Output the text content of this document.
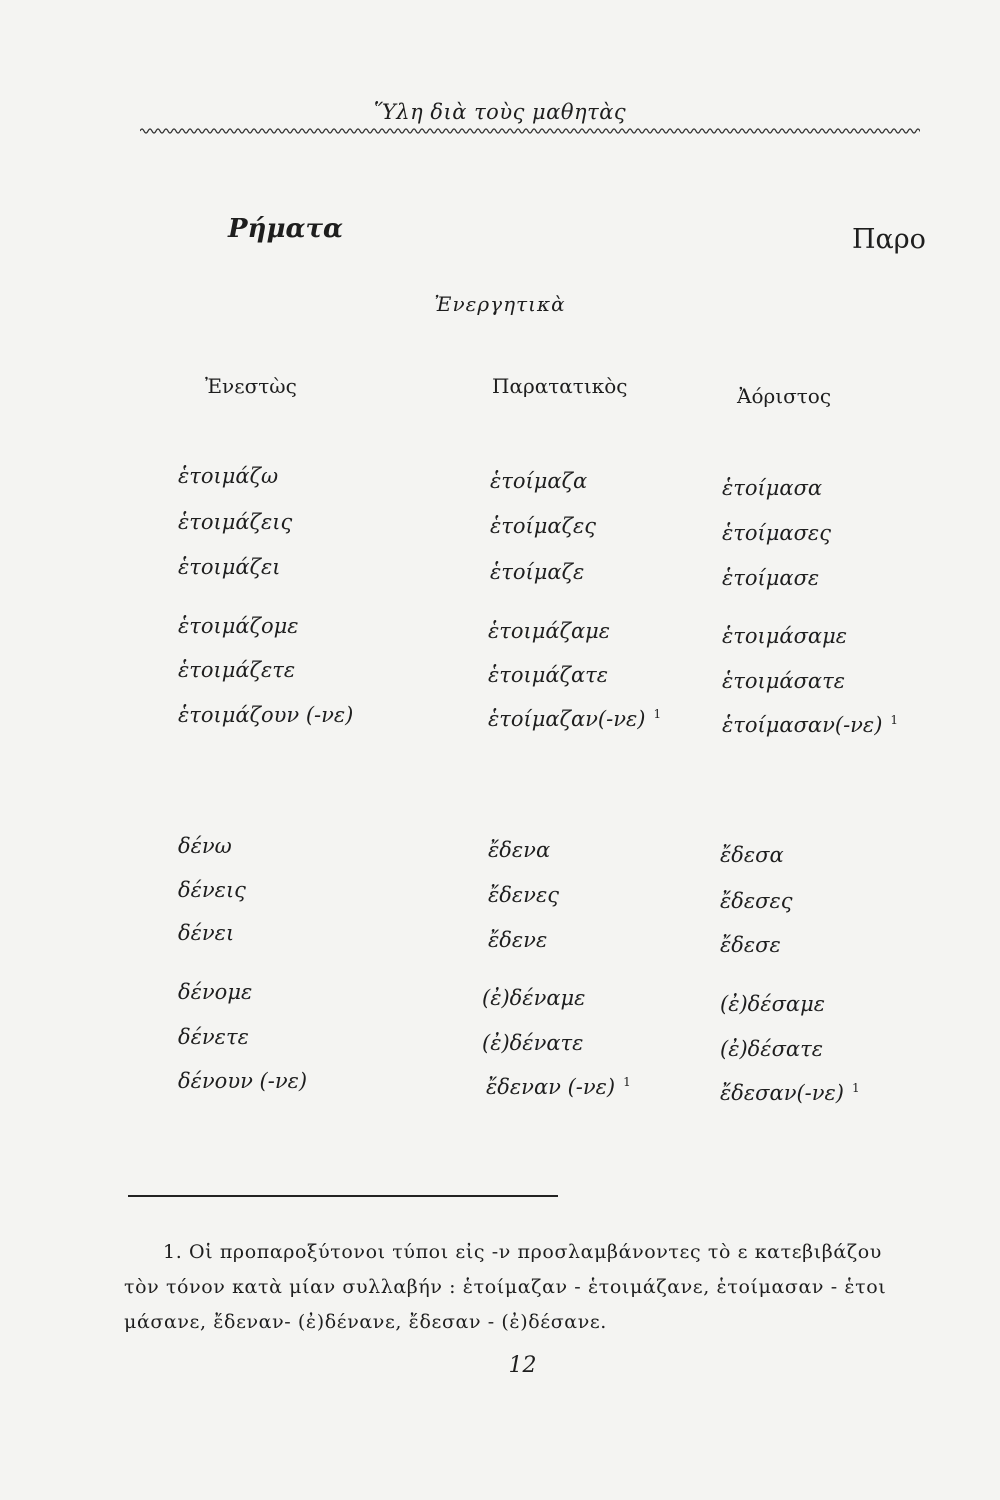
Ὕλη διὰ τοὺς μαθητὰς
Ρήματα	Παρο
Ἐνεργητικὰ
Ἐνεστὼς	Παρατατικὸς	Ἀόριστος
ἑτοιμάζω	ἑτοίμαζα	ἑτοίμασα
ἑτοιμάζεις	ἑτοίμαζες	ἑτοίμασες
ἑτοιμάζει	ἑτοίμαζε	ἑτοίμασε
ἑτοιμάζομε	ἑτοιμάζαμε	ἑτοιμάσαμε
ἑτοιμάζετε	ἑτοιμάζατε	ἑτοιμάσατε
ἑτοιμάζουν (-νε)	ἑτοίμαζαν(-νε) $^1$	ἑτοίμασαν(-νε) $^1$
δένω	ἔδενα	ἔδεσα
δένεις	ἔδενες	ἔδεσες
δένει	ἔδενε	ἔδεσε
δένομε	(ἐ)δέναμε	(ἐ)δέσαμε
δένετε	(ἐ)δένατε	(ἐ)δέσατε
δένουν (-νε)	ἔδεναν (-νε) $^1$	ἔδεσαν(-νε) $^1$
1. Οἱ προπαροξύτονοι τύποι εἰς -ν προσλαμβάνοντες τὸ ε κατεβιβάζου
τὸν τόνον κατὰ μίαν συλλαβήν : ἑτοίμαζαν - ἑτοιμάζανε, ἑτοίμασαν - ἑτοι
μάσανε, ἔδεναν- (ἐ)δένανε, ἔδεσαν - (ἐ)δέσανε.
12
